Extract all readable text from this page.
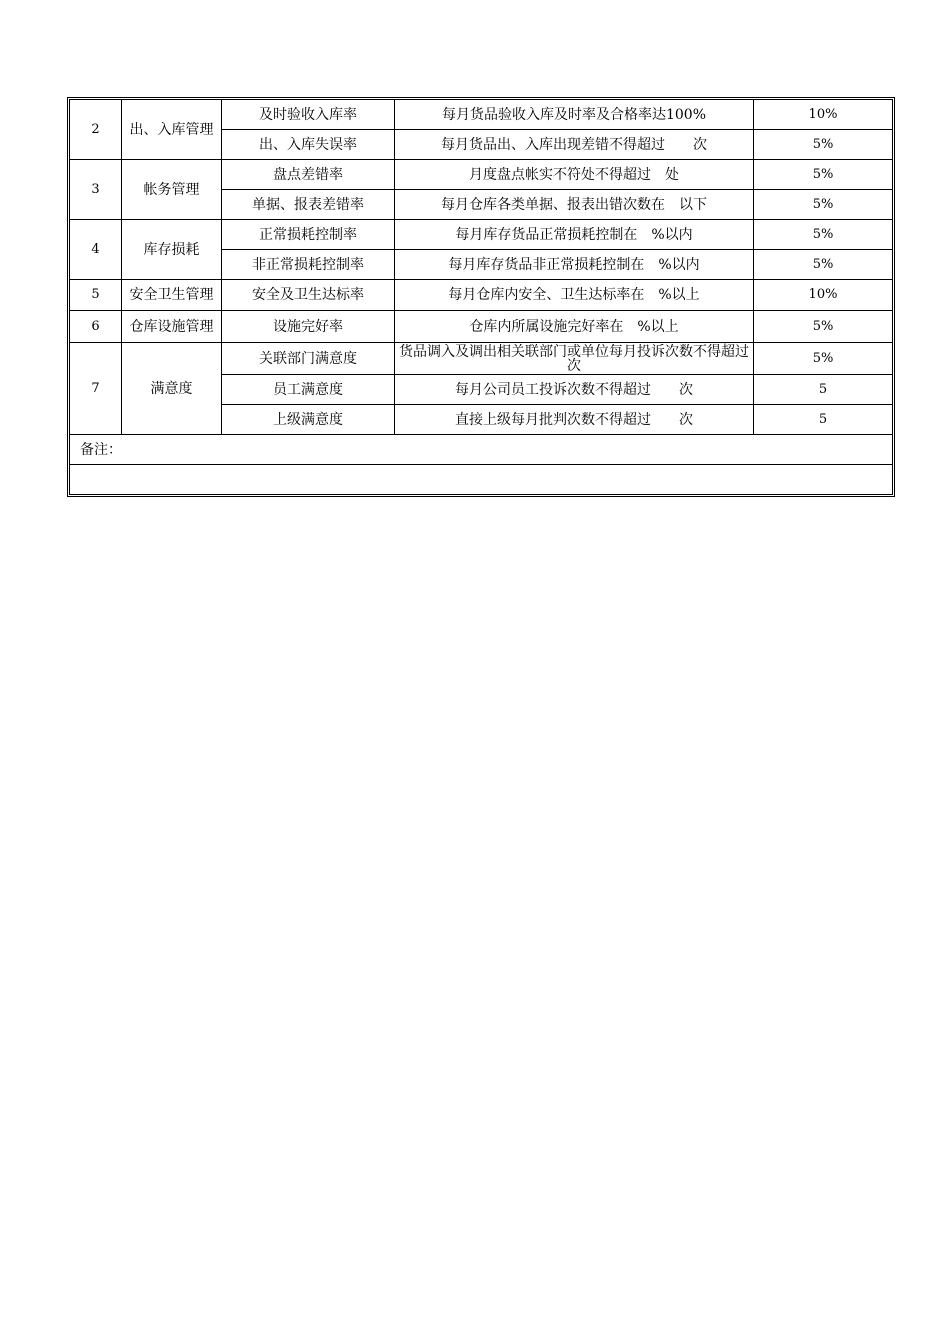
2	出、入库管理	及时验收入库率	每月货品验收入库及时率及合格率达100%	10%
		出、入库失误率	每月货品出、入库出现差错不得超过　　次	5%
3	帐务管理	盘点差错率	月度盘点帐实不符处不得超过　处	5%
		单据、报表差错率	每月仓库各类单据、报表出错次数在　以下	5%
4	库存损耗	正常损耗控制率	每月库存货品正常损耗控制在　%以内	5%
		非正常损耗控制率	每月库存货品非正常损耗控制在　%以内	5%
5	安全卫生管理	安全及卫生达标率	每月仓库内安全、卫生达标率在　%以上	10%
6	仓库设施管理	设施完好率	仓库内所属设施完好率在　%以上	5%
7	满意度	关联部门满意度	货品调入及调出相关联部门或单位每月投诉次数不得超过　　次	5%
		员工满意度	每月公司员工投诉次数不得超过　　次	5
		上级满意度	直接上级每月批判次数不得超过　　次	5
备注：				
